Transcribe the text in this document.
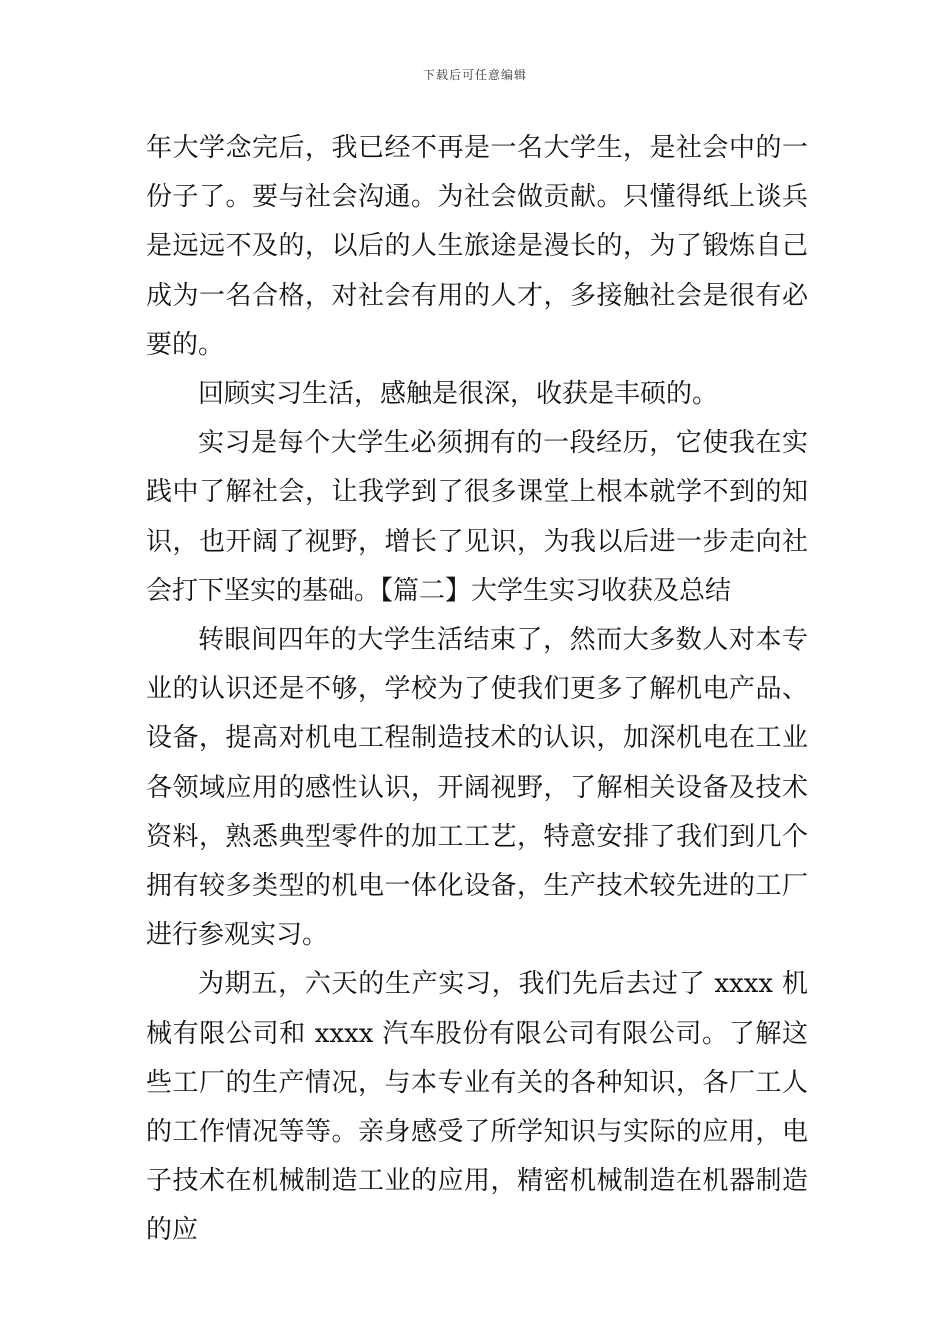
下载后可任意编辑

年大学念完后，我已经不再是一名大学生，是社会中的一份子了。要与社会沟通。为社会做贡献。只懂得纸上谈兵是远远不及的，以后的人生旅途是漫长的，为了锻炼自己成为一名合格，对社会有用的人才，多接触社会是很有必要的。

回顾实习生活，感触是很深，收获是丰硕的。

实习是每个大学生必须拥有的一段经历，它使我在实践中了解社会，让我学到了很多课堂上根本就学不到的知识，也开阔了视野，增长了见识，为我以后进一步走向社会打下坚实的基础。【篇二】大学生实习收获及总结

转眼间四年的大学生活结束了，然而大多数人对本专业的认识还是不够，学校为了使我们更多了解机电产品、设备，提高对机电工程制造技术的认识，加深机电在工业各领域应用的感性认识，开阔视野，了解相关设备及技术资料，熟悉典型零件的加工工艺，特意安排了我们到几个拥有较多类型的机电一体化设备，生产技术较先进的工厂进行参观实习。

为期五，六天的生产实习，我们先后去过了 xxxx 机械有限公司和 xxxx 汽车股份有限公司有限公司。了解这些工厂的生产情况，与本专业有关的各种知识，各厂工人的工作情况等等。亲身感受了所学知识与实际的应用，电子技术在机械制造工业的应用，精密机械制造在机器制造的应
